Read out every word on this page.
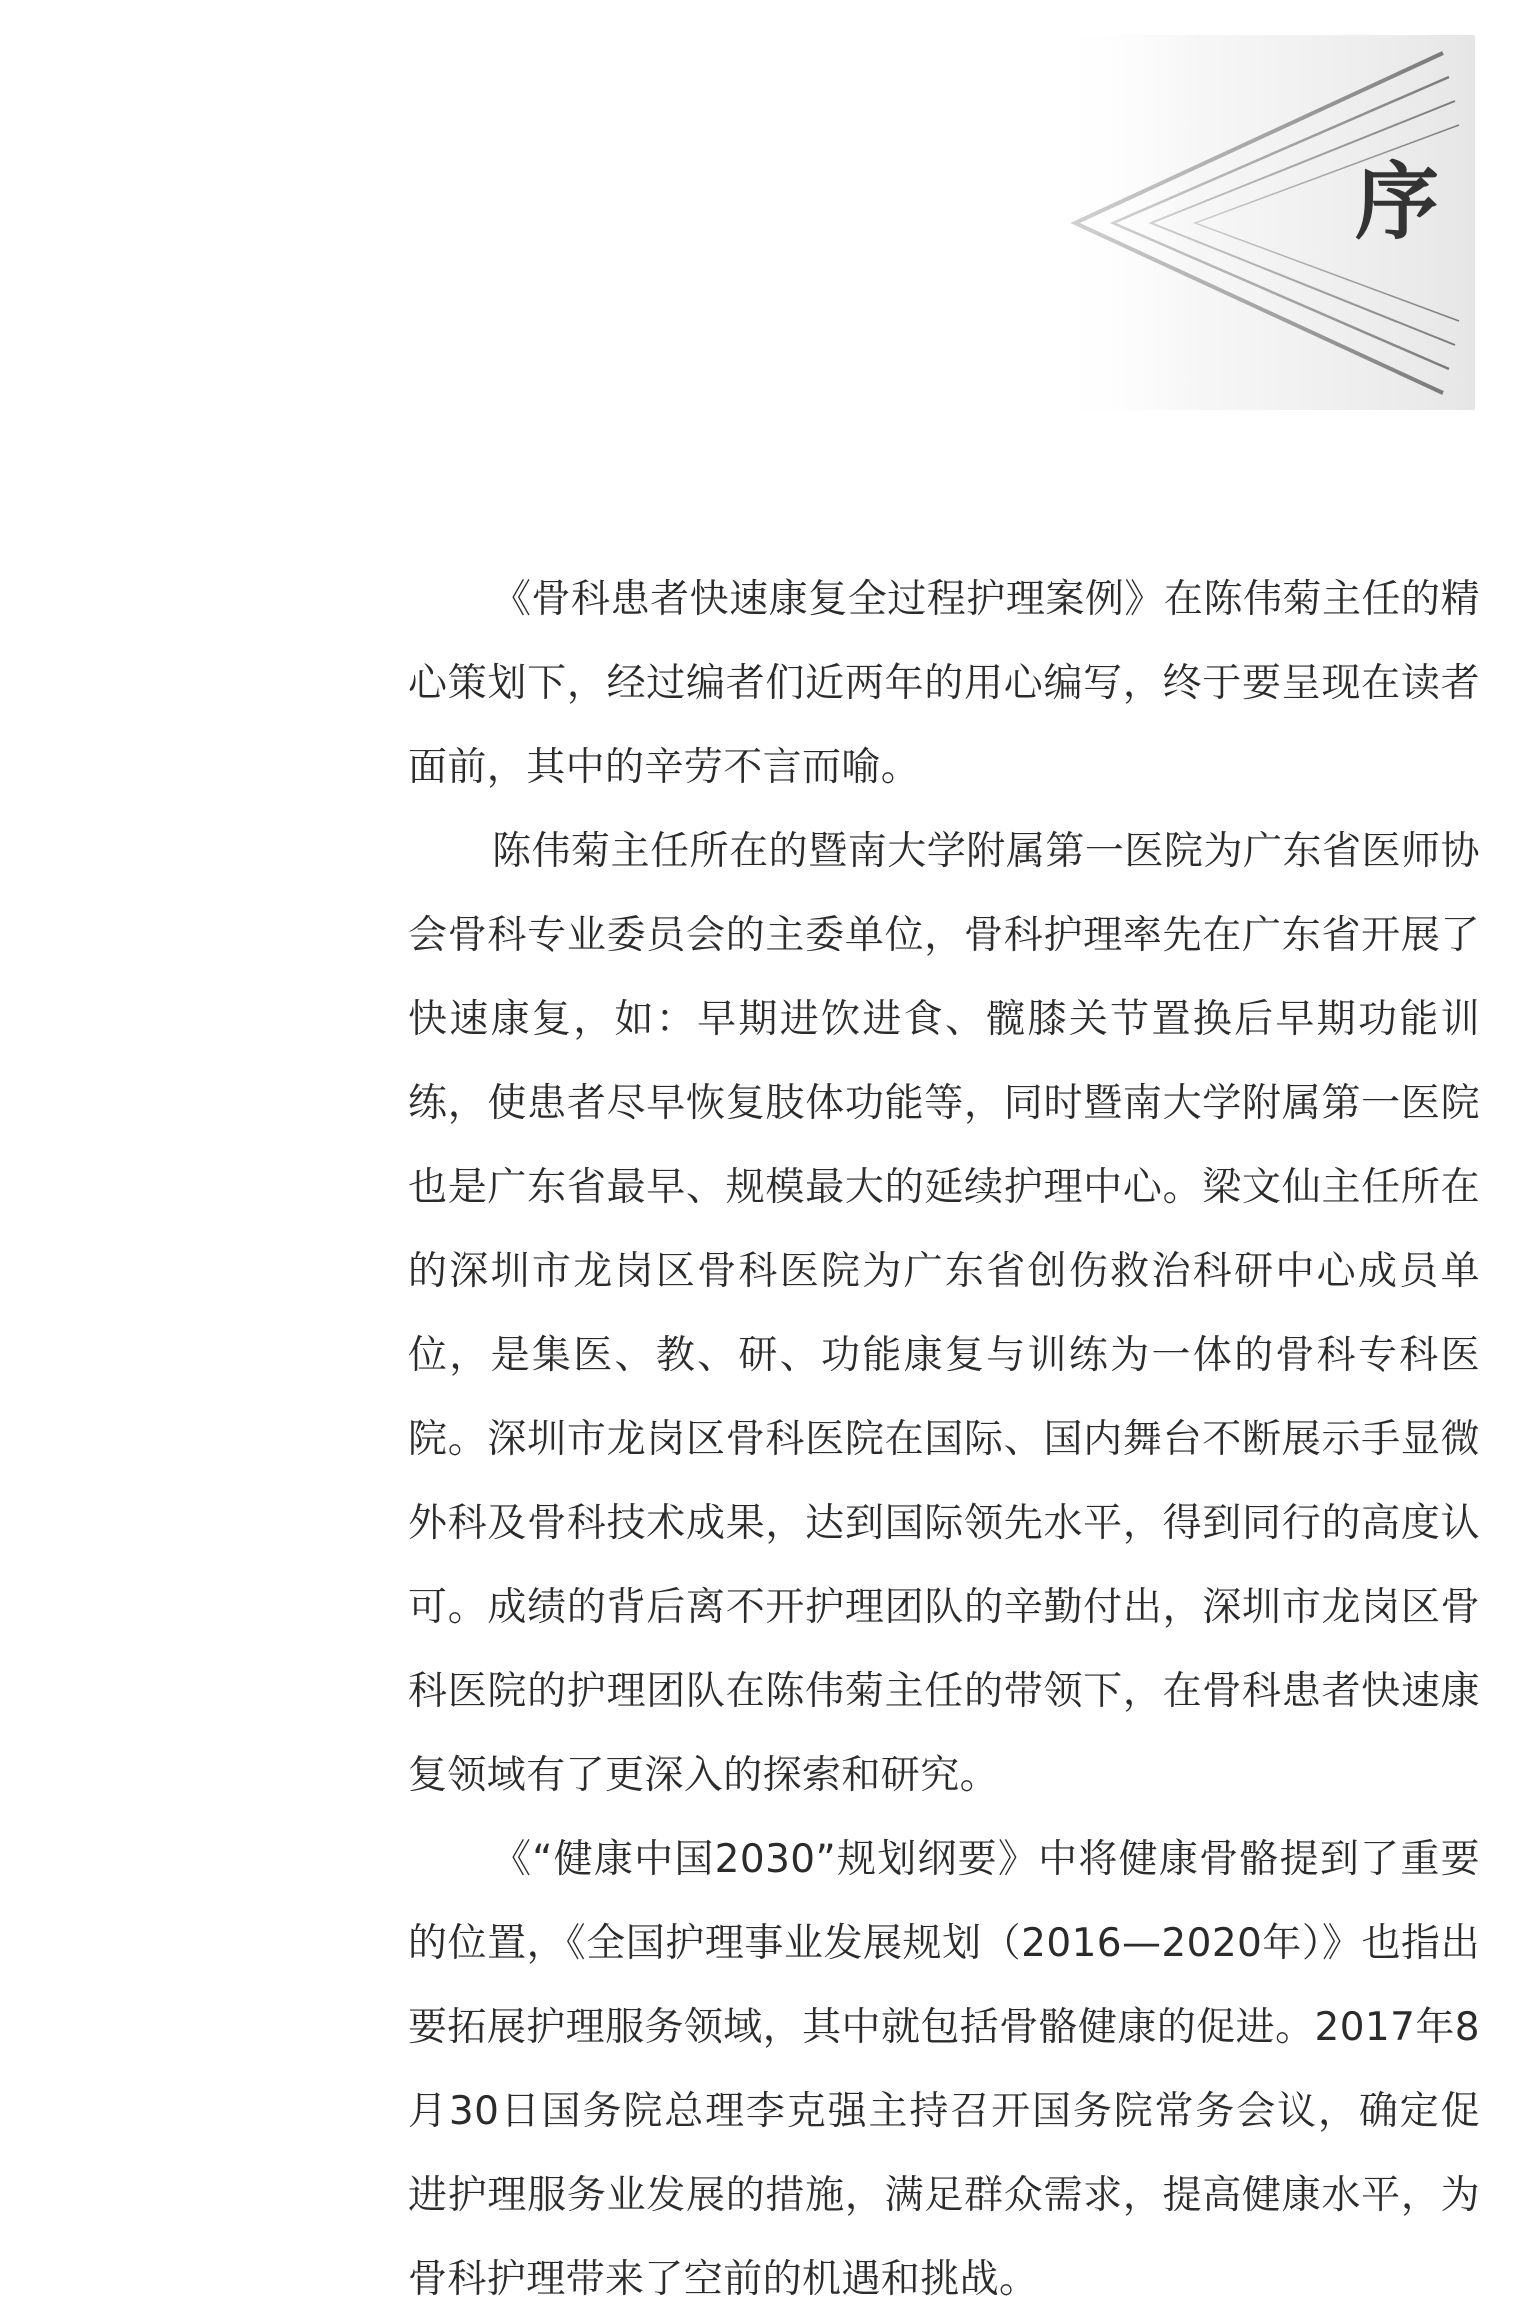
序

《骨科患者快速康复全过程护理案例》在陈伟菊主任的精心策划下，经过编者们近两年的用心编写，终于要呈现在读者面前，其中的辛劳不言而喻。

陈伟菊主任所在的暨南大学附属第一医院为广东省医师协会骨科专业委员会的主委单位，骨科护理率先在广东省开展了快速康复，如：早期进饮进食、髋膝关节置换后早期功能训练，使患者尽早恢复肢体功能等，同时暨南大学附属第一医院也是广东省最早、规模最大的延续护理中心。梁文仙主任所在的深圳市龙岗区骨科医院为广东省创伤救治科研中心成员单位，是集医、教、研、功能康复与训练为一体的骨科专科医院。深圳市龙岗区骨科医院在国际、国内舞台不断展示手显微外科及骨科技术成果，达到国际领先水平，得到同行的高度认可。成绩的背后离不开护理团队的辛勤付出，深圳市龙岗区骨科医院的护理团队在陈伟菊主任的带领下，在骨科患者快速康复领域有了更深入的探索和研究。

《“健康中国2030”规划纲要》中将健康骨骼提到了重要的位置，《全国护理事业发展规划（2016—2020年）》也指出要拓展护理服务领域，其中就包括骨骼健康的促进。2017年8月30日国务院总理李克强主持召开国务院常务会议，确定促进护理服务业发展的措施，满足群众需求，提高健康水平，为骨科护理带来了空前的机遇和挑战。
